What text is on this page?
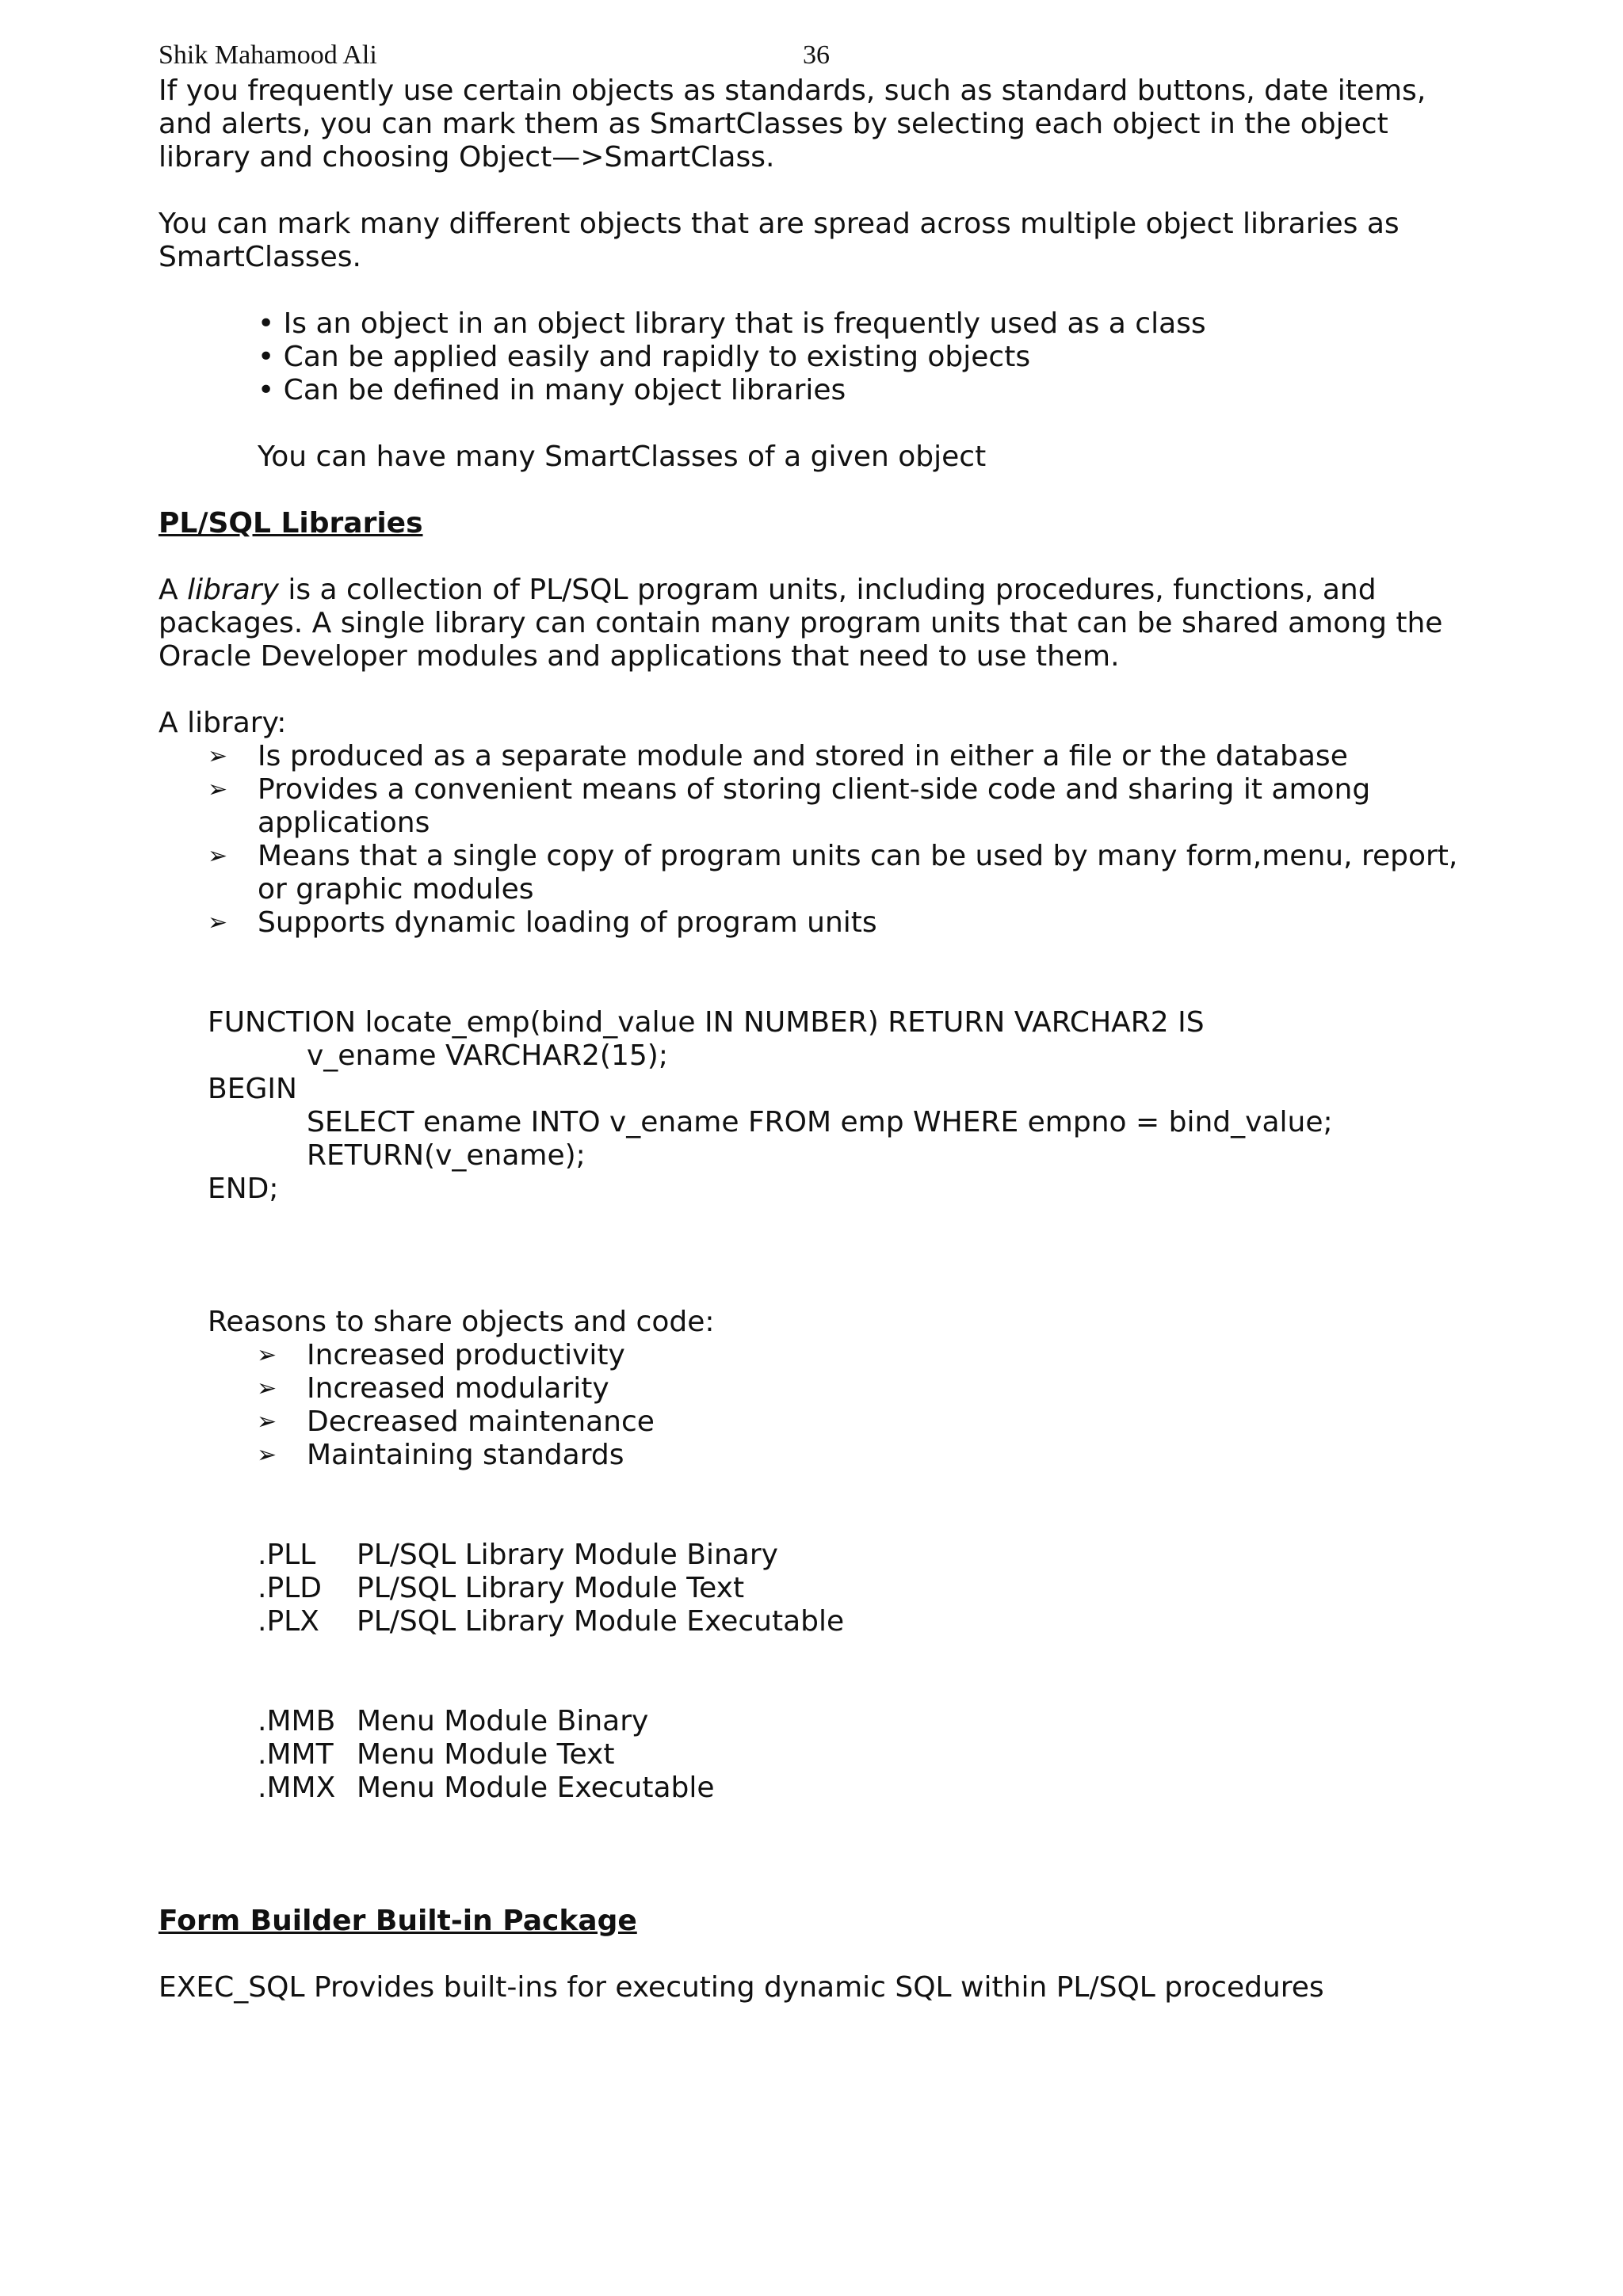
Shik Mahamood Ali	36

If you frequently use certain objects as standards, such as standard buttons, date items, and alerts, you can mark them as SmartClasses by selecting each object in the object library and choosing Object—>SmartClass.

You can mark many different objects that are spread across multiple object libraries as SmartClasses.

• Is an object in an object library that is frequently used as a class

• Can be applied easily and rapidly to existing objects

• Can be defined in many object libraries

You can have many SmartClasses of a given object

PL/SQL Libraries

A library is a collection of PL/SQL program units, including procedures, functions, and packages. A single library can contain many program units that can be shared among the Oracle Developer modules and applications that need to use them.

A library:

➢ Is produced as a separate module and stored in either a file or the database
➢ Provides a convenient means of storing client-side code and sharing it among applications
➢ Means that a single copy of program units can be used by many form,menu, report, or graphic modules
➢ Supports dynamic loading of program units

FUNCTION locate_emp(bind_value IN NUMBER) RETURN VARCHAR2 IS

v_ename VARCHAR2(15);

BEGIN

SELECT ename INTO v_ename FROM emp WHERE empno = bind_value;

RETURN(v_ename);

END;

Reasons to share objects and code:

➢ Increased productivity
➢ Increased modularity
➢ Decreased maintenance
➢ Maintaining standards
.PLL	PL/SQL Library Module Binary
.PLD	PL/SQL Library Module Text
.PLX	PL/SQL Library Module Executable
.MMB Menu Module Binary
.MMT Menu Module Text
.MMX Menu Module Executable

Form Builder Built-in Package

EXEC_SQL Provides built-ins for executing dynamic SQL within PL/SQL procedures
